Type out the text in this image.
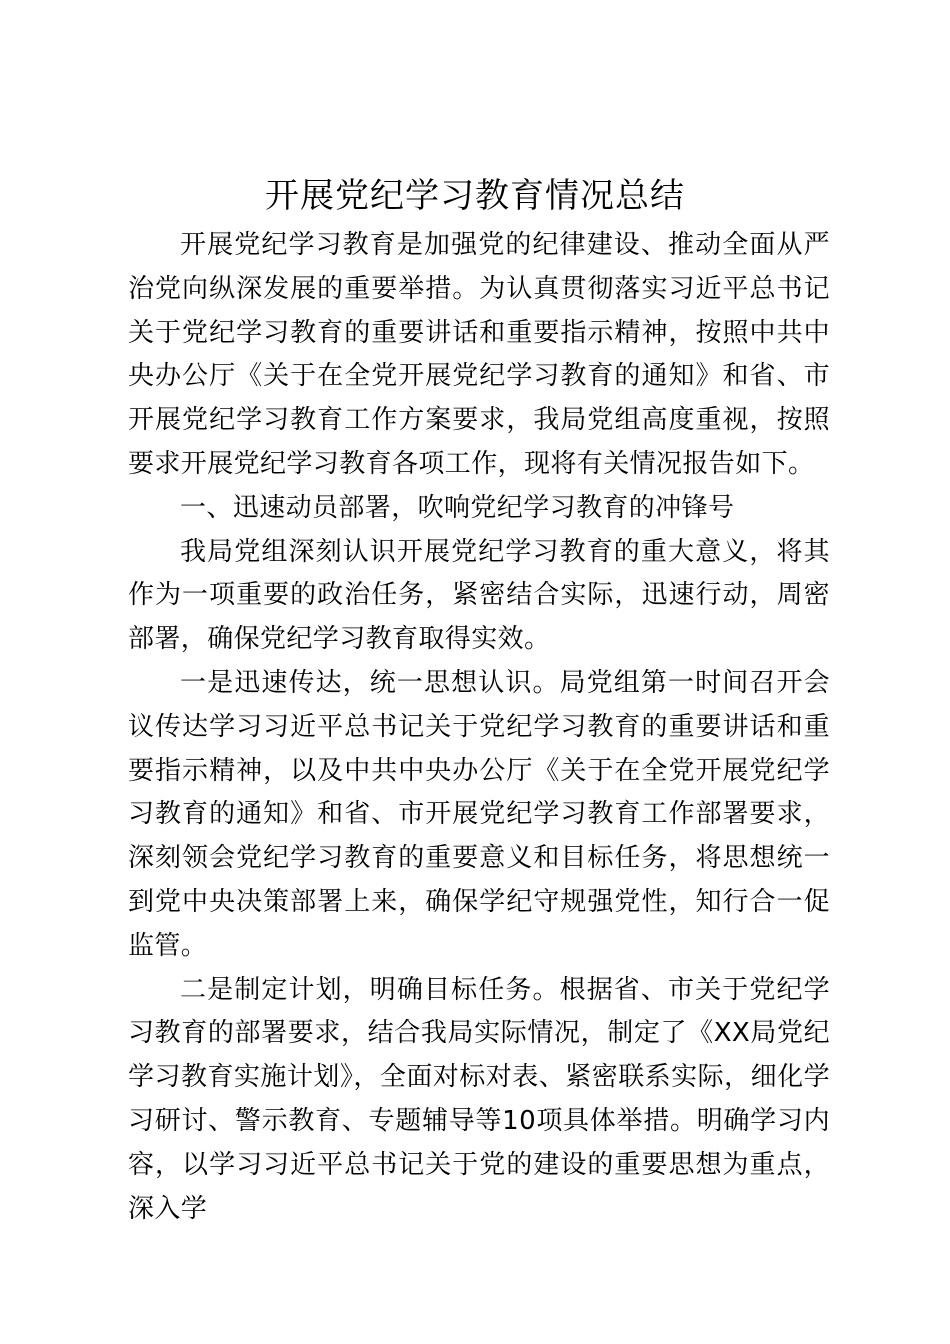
开展党纪学习教育情况总结

开展党纪学习教育是加强党的纪律建设、推动全面从严治党向纵深发展的重要举措。为认真贯彻落实习近平总书记关于党纪学习教育的重要讲话和重要指示精神，按照中共中央办公厅《关于在全党开展党纪学习教育的通知》和省、市开展党纪学习教育工作方案要求，我局党组高度重视，按照要求开展党纪学习教育各项工作，现将有关情况报告如下。

一、迅速动员部署，吹响党纪学习教育的冲锋号

我局党组深刻认识开展党纪学习教育的重大意义，将其作为一项重要的政治任务，紧密结合实际，迅速行动，周密部署，确保党纪学习教育取得实效。

一是迅速传达，统一思想认识。局党组第一时间召开会议传达学习习近平总书记关于党纪学习教育的重要讲话和重要指示精神，以及中共中央办公厅《关于在全党开展党纪学习教育的通知》和省、市开展党纪学习教育工作部署要求，深刻领会党纪学习教育的重要意义和目标任务，将思想统一到党中央决策部署上来，确保学纪守规强党性，知行合一促监管。

二是制定计划，明确目标任务。根据省、市关于党纪学习教育的部署要求，结合我局实际情况，制定了《XX局党纪学习教育实施计划》，全面对标对表、紧密联系实际，细化学习研讨、警示教育、专题辅导等10项具体举措。明确学习内容，以学习习近平总书记关于党的建设的重要思想为重点，深入学
